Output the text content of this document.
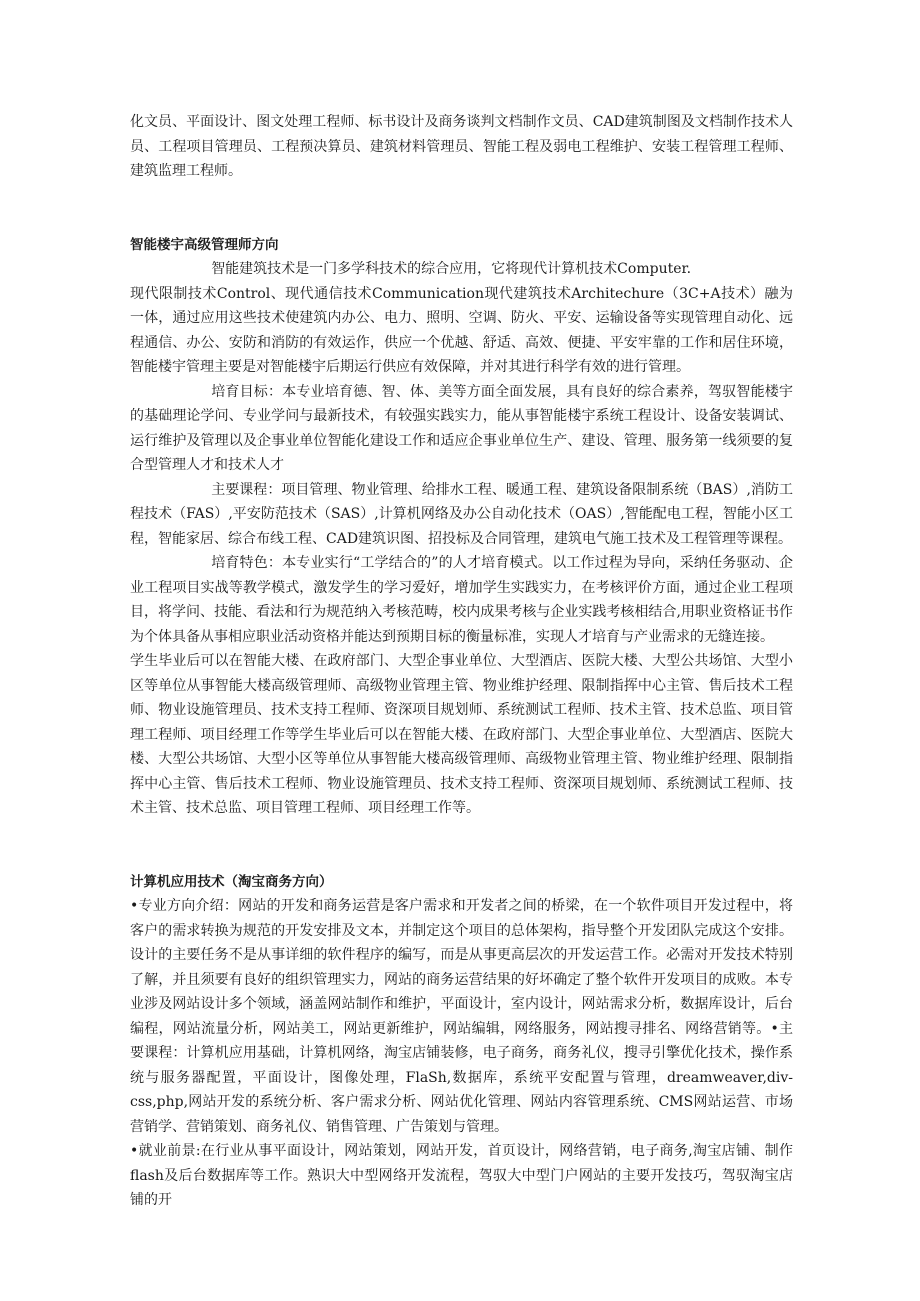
化文员、平面设计、图文处理工程师、标书设计及商务谈判文档制作文员、CAD建筑制图及文档制作技术人员、工程项目管理员、工程预决算员、建筑材料管理员、智能工程及弱电工程维护、安装工程管理工程师、建筑监理工程师。

智能楼宇高级管理师方向

智能建筑技术是一门多学科技术的综合应用，它将现代计算机技术Computer.

现代限制技术Control、现代通信技术Communication现代建筑技术Architechure（3C+A技术）融为一体，通过应用这些技术使建筑内办公、电力、照明、空调、防火、平安、运输设备等实现管理自动化、远程通信、办公、安防和消防的有效运作，供应一个优越、舒适、高效、便捷、平安牢靠的工作和居住环境，智能楼宇管理主要是对智能楼宇后期运行供应有效保障，并对其进行科学有效的进行管理。

培育目标：本专业培育德、智、体、美等方面全面发展，具有良好的综合素养，驾驭智能楼宇的基础理论学问、专业学问与最新技术，有较强实践实力，能从事智能楼宇系统工程设计、设备安装调试、运行维护及管理以及企事业单位智能化建设工作和适应企事业单位生产、建设、管理、服务第一线须要的复合型管理人才和技术人才

主要课程：项目管理、物业管理、给排水工程、暖通工程、建筑设备限制系统（BAS）,消防工程技术（FAS）,平安防范技术（SAS）,计算机网络及办公自动化技术（OAS）,智能配电工程，智能小区工程，智能家居、综合布线工程、CAD建筑识图、招投标及合同管理，建筑电气施工技术及工程管理等课程。

培育特色：本专业实行“工学结合的”的人才培育模式。以工作过程为导向，采纳任务驱动、企业工程项目实战等教学模式，激发学生的学习爱好，增加学生实践实力，在考核评价方面，通过企业工程项目，将学问、技能、看法和行为规范纳入考核范畴，校内成果考核与企业实践考核相结合,用职业资格证书作为个体具备从事相应职业活动资格并能达到预期目标的衡量标准，实现人才培育与产业需求的无缝连接。

学生毕业后可以在智能大楼、在政府部门、大型企事业单位、大型酒店、医院大楼、大型公共场馆、大型小区等单位从事智能大楼高级管理师、高级物业管理主管、物业维护经理、限制指挥中心主管、售后技术工程师、物业设施管理员、技术支持工程师、资深项目规划师、系统测试工程师、技术主管、技术总监、项目管理工程师、项目经理工作等学生毕业后可以在智能大楼、在政府部门、大型企事业单位、大型酒店、医院大楼、大型公共场馆、大型小区等单位从事智能大楼高级管理师、高级物业管理主管、物业维护经理、限制指挥中心主管、售后技术工程师、物业设施管理员、技术支持工程师、资深项目规划师、系统测试工程师、技术主管、技术总监、项目管理工程师、项目经理工作等。

计算机应用技术（淘宝商务方向）

•专业方向介绍：网站的开发和商务运营是客户需求和开发者之间的桥梁，在一个软件项目开发过程中，将客户的需求转换为规范的开发安排及文本，并制定这个项目的总体架构，指导整个开发团队完成这个安排。设计的主要任务不是从事详细的软件程序的编写，而是从事更高层次的开发运营工作。必需对开发技术特别了解，并且须要有良好的组织管理实力，网站的商务运营结果的好坏确定了整个软件开发项目的成败。本专业涉及网站设计多个领域，涵盖网站制作和维护，平面设计，室内设计，网站需求分析，数据库设计，后台编程，网站流量分析，网站美工，网站更新维护，网站编辑，网络服务，网站搜寻排名、网络营销等。•主要课程：计算机应用基础，计算机网络，淘宝店铺装修，电子商务，商务礼仪，搜寻引擎优化技术，操作系统与服务器配置，平面设计，图像处理，FlaSh,数据库，系统平安配置与管理，dreamweaver,div-css,php,网站开发的系统分析、客户需求分析、网站优化管理、网站内容管理系统、CMS网站运营、市场营销学、营销策划、商务礼仪、销售管理、广告策划与管理。

•就业前景:在行业从事平面设计，网站策划，网站开发，首页设计，网络营销，电子商务,淘宝店铺、制作flash及后台数据库等工作。熟识大中型网络开发流程，驾驭大中型门户网站的主要开发技巧，驾驭淘宝店铺的开
